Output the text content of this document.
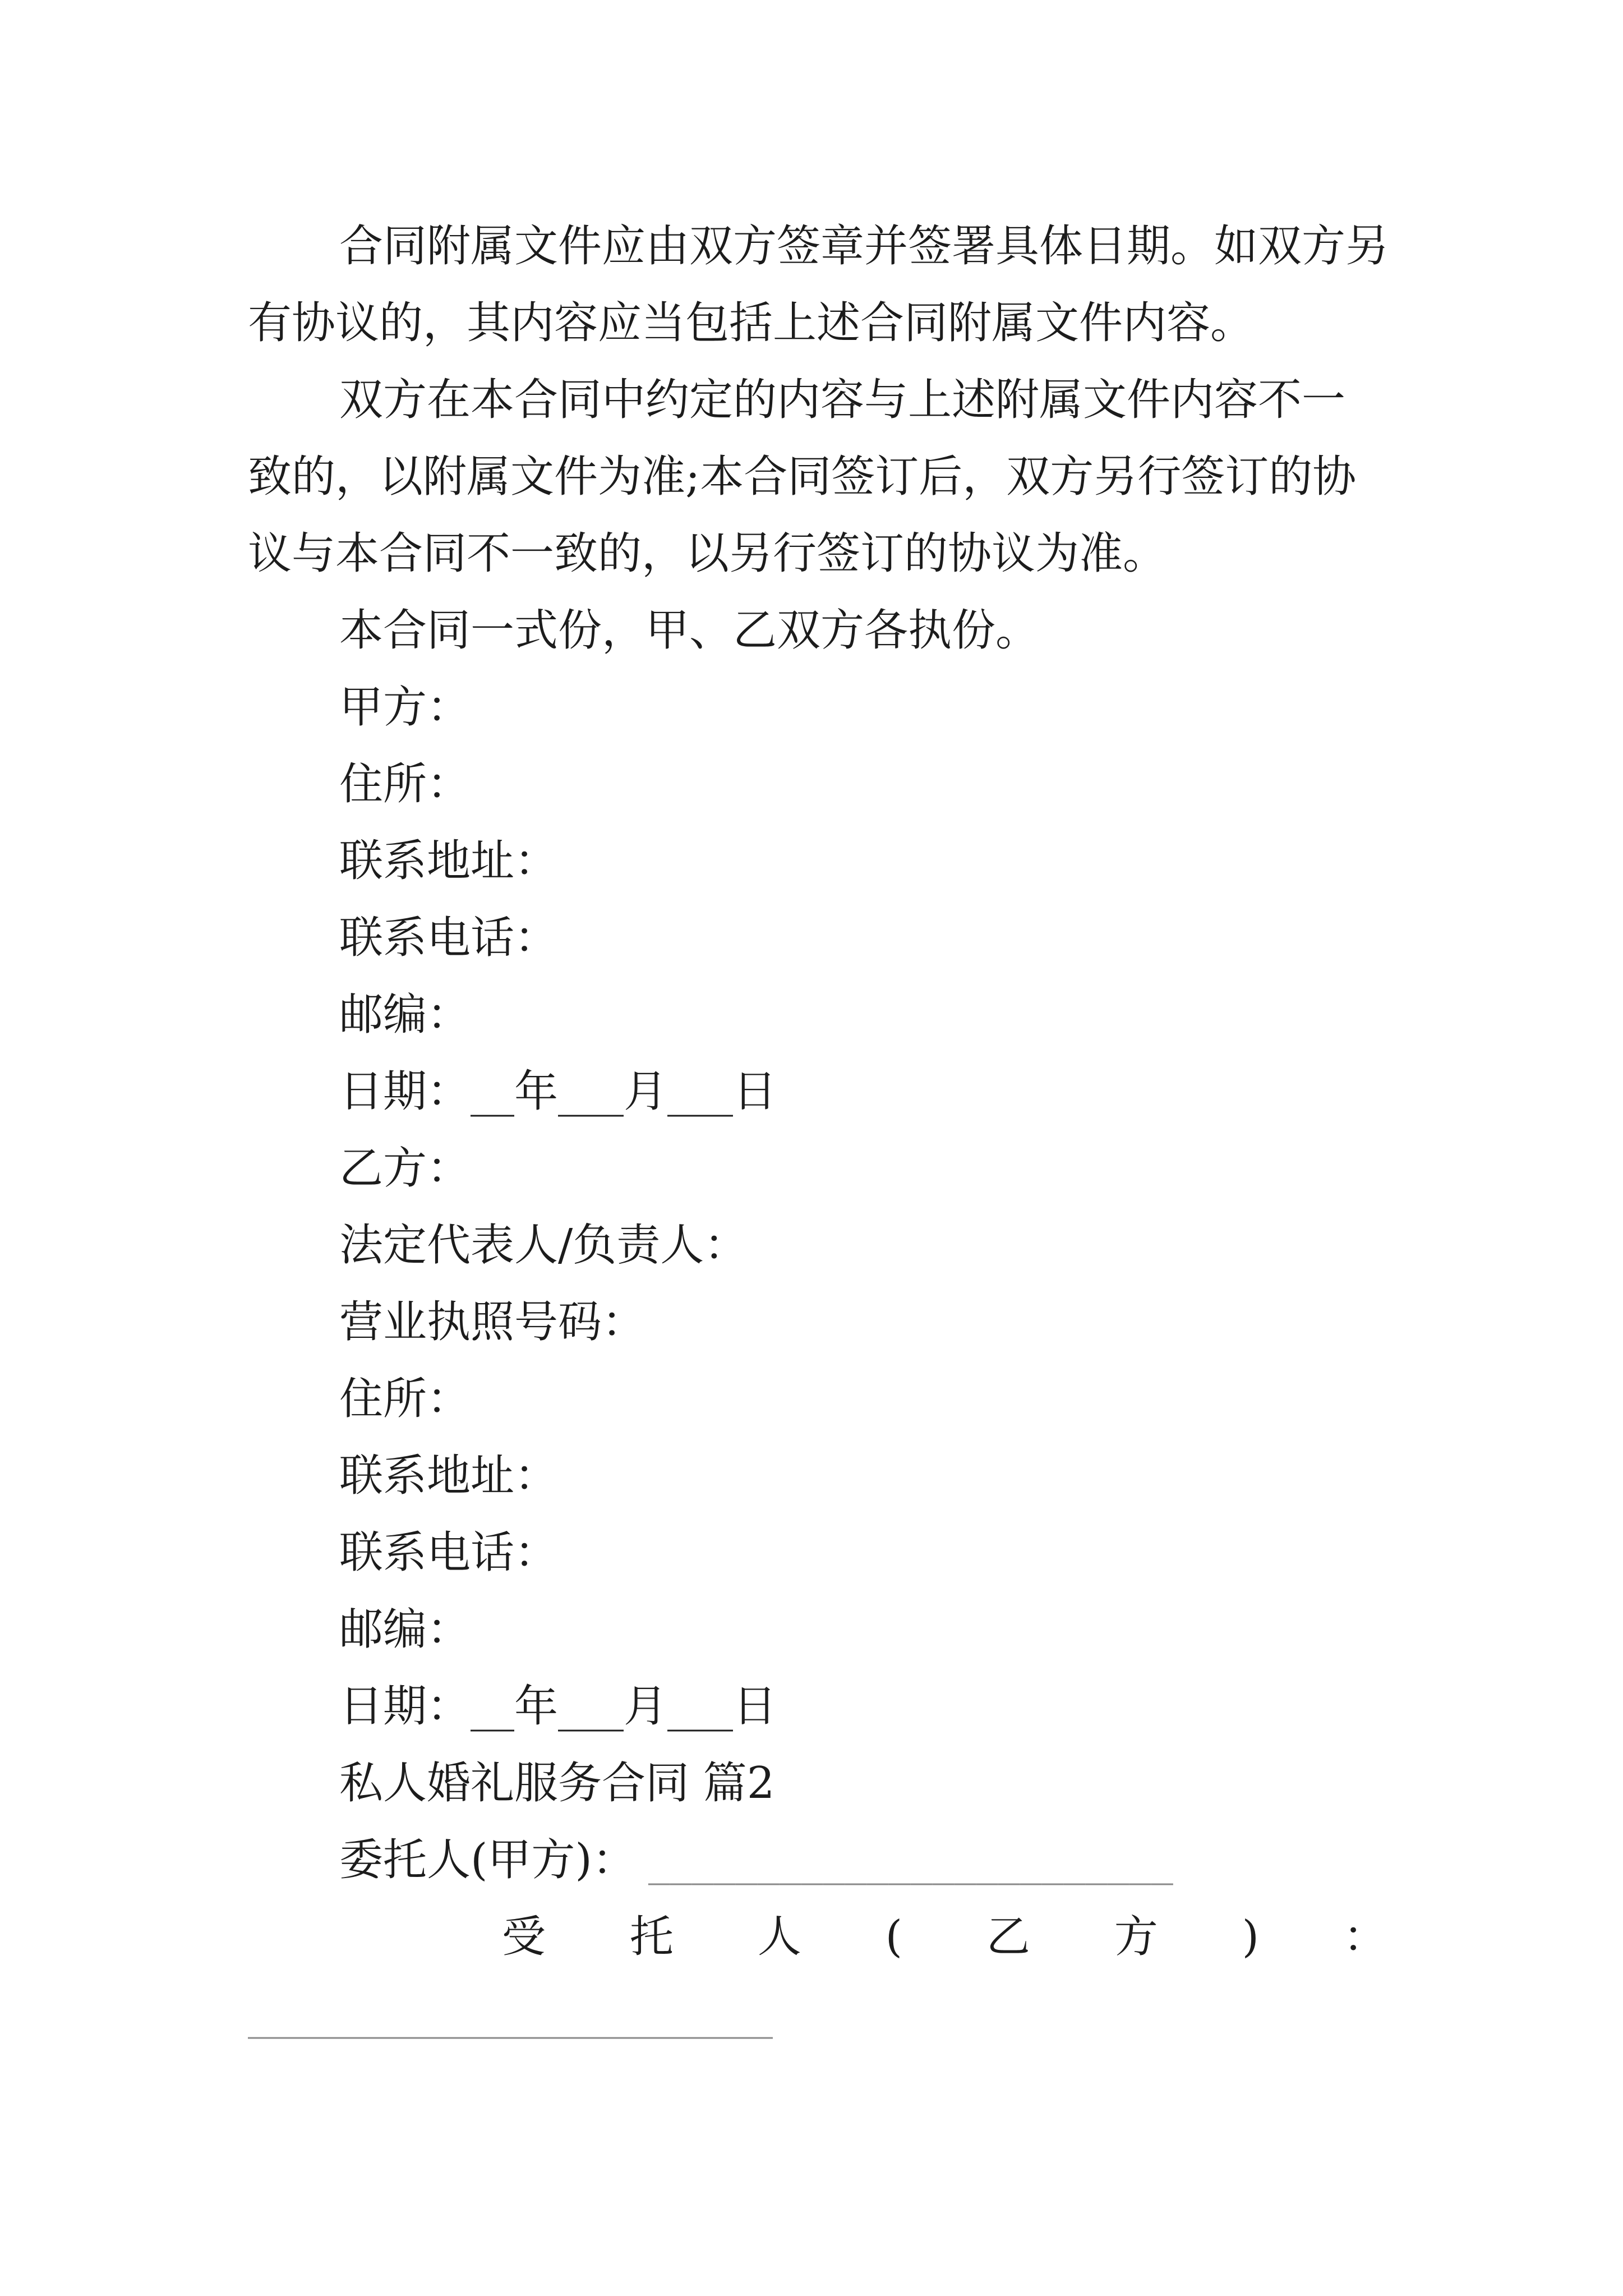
合同附属文件应由双方签章并签署具体日期。如双方另
有协议的，其内容应当包括上述合同附属文件内容。
双方在本合同中约定的内容与上述附属文件内容不一
致的，以附属文件为准;本合同签订后，双方另行签订的协
议与本合同不一致的，以另行签订的协议为准。
本合同一式份，甲、乙双方各执份。
甲方：
住所：
联系地址：
联系电话：
邮编：
日期：__年___月___日
乙方：
法定代表人/负责人：
营业执照号码：
住所：
联系地址：
联系电话：
邮编：
日期：__年___月___日
私人婚礼服务合同 篇2
委托人(甲方)： ________________________
受 托 人 ( 乙 方 ) ：
________________________
